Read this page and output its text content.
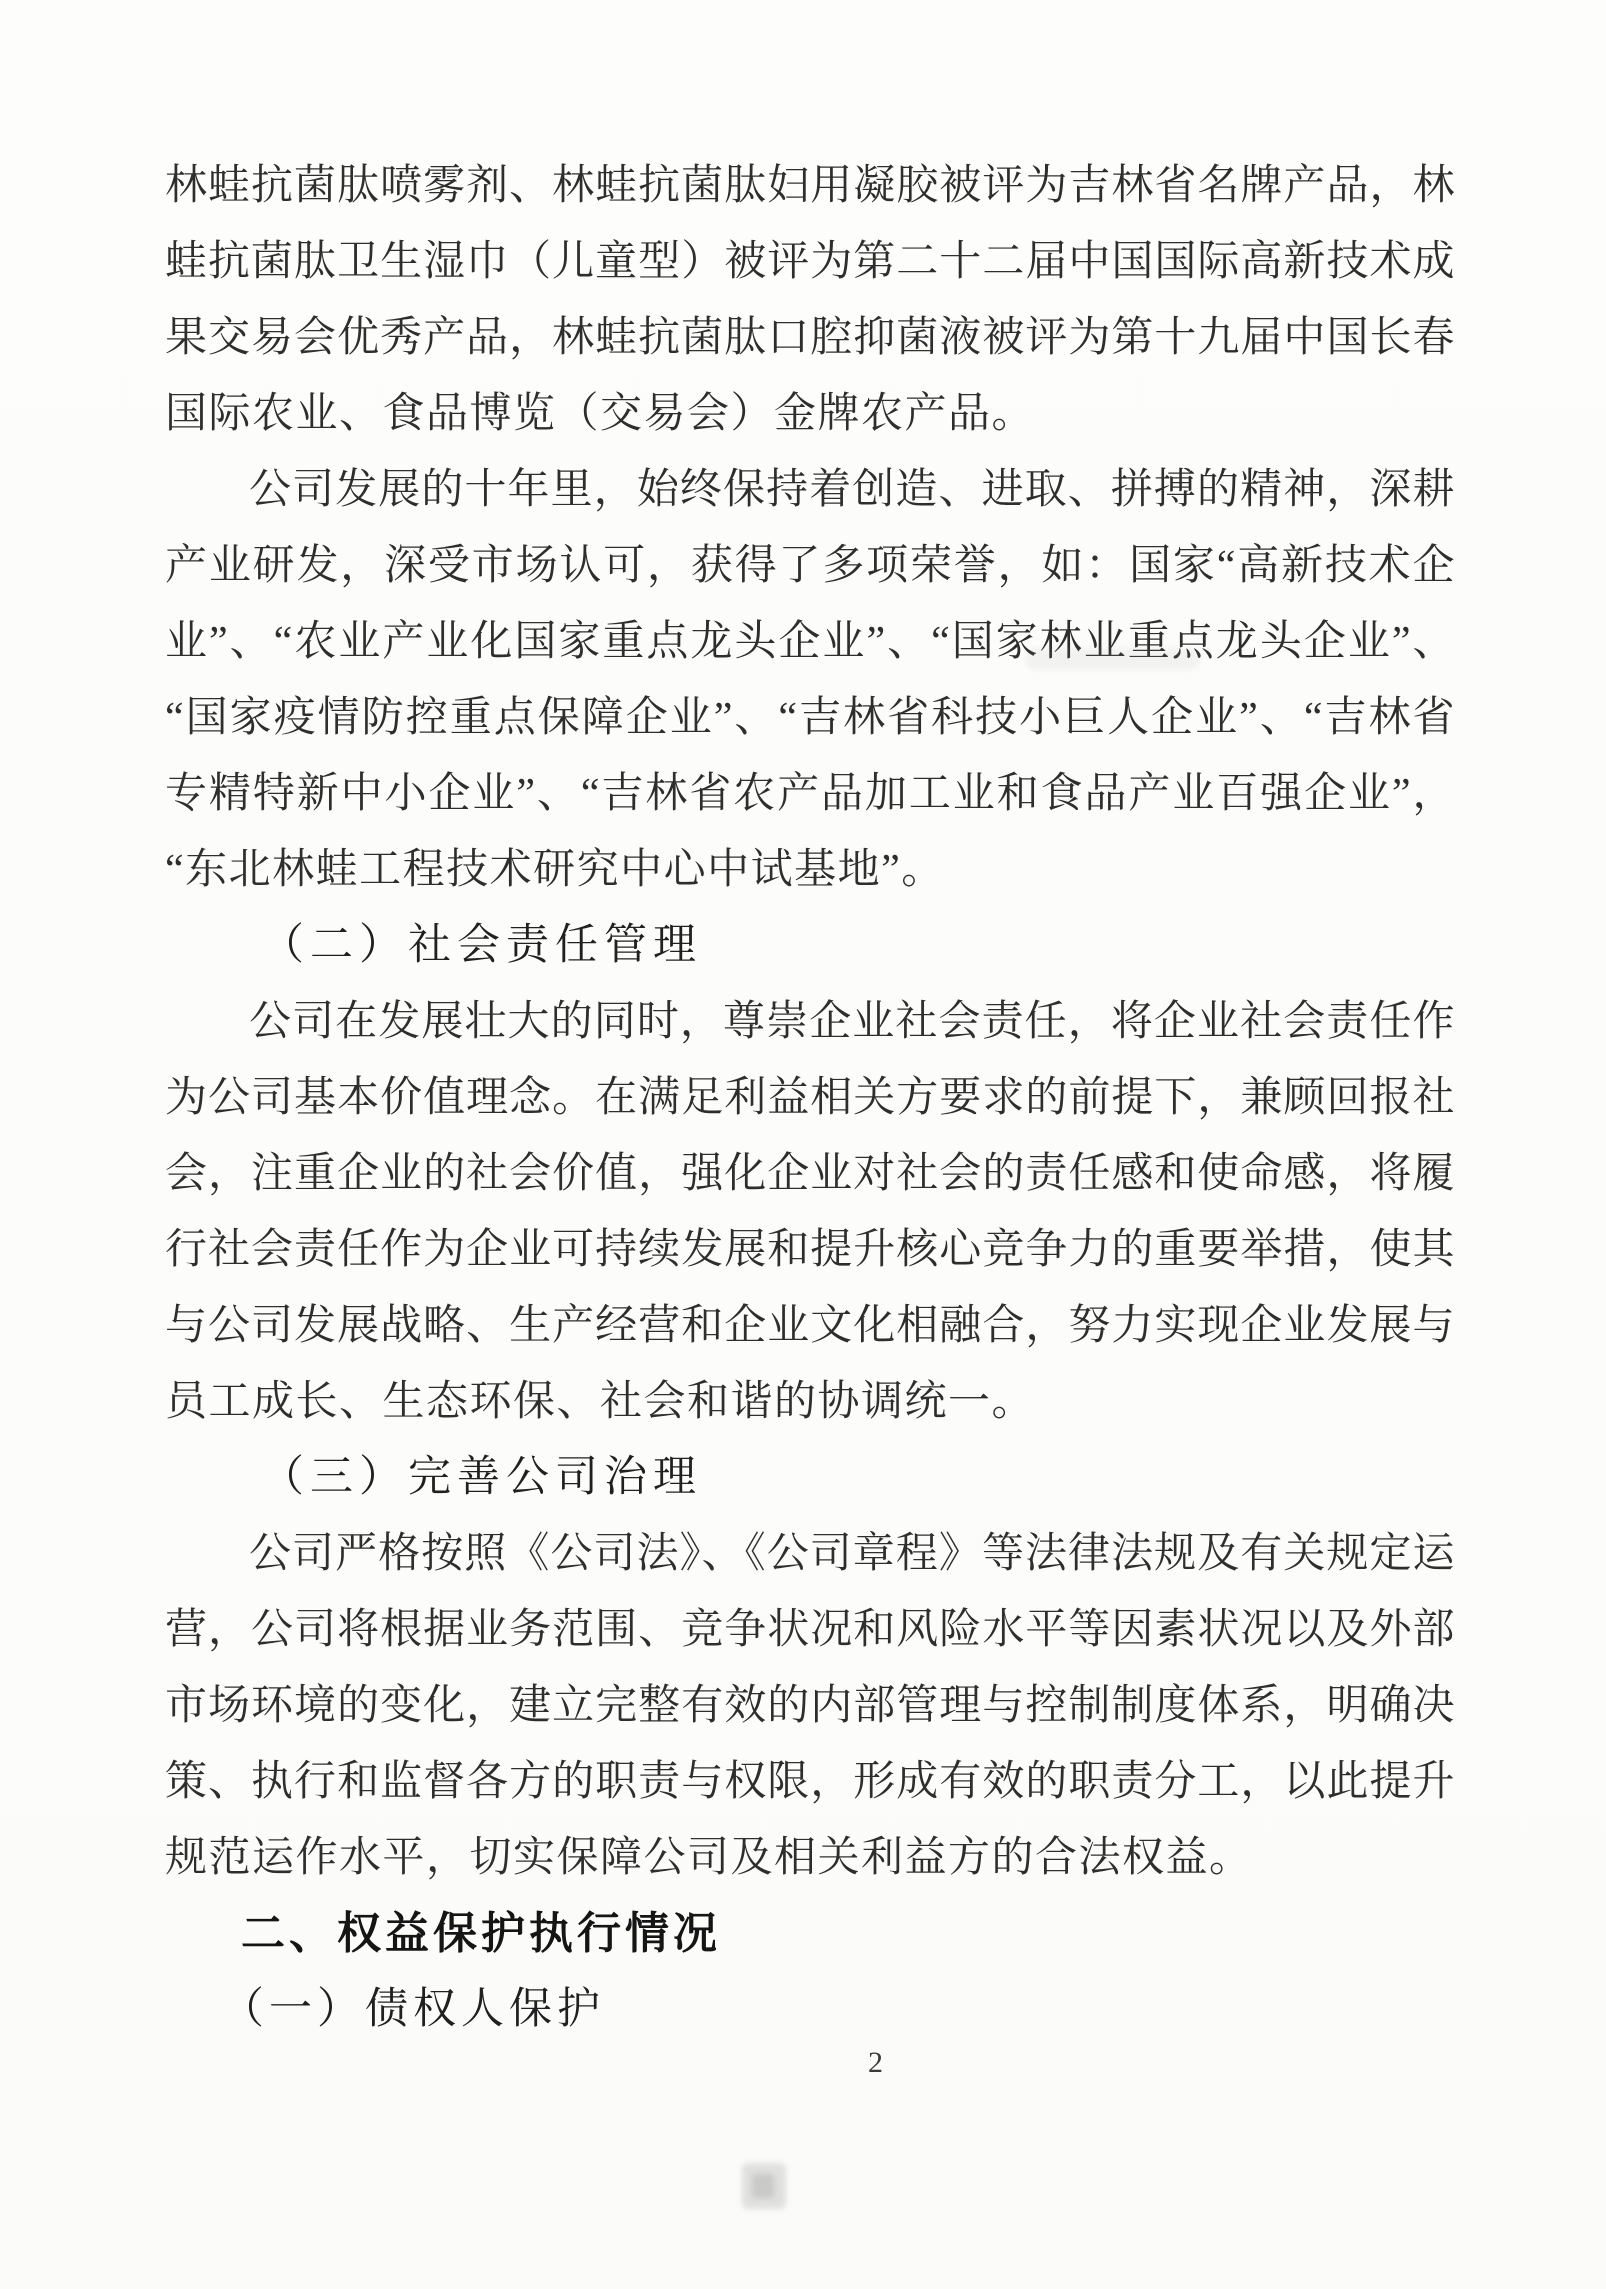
林蛙抗菌肽喷雾剂、林蛙抗菌肽妇用凝胶被评为吉林省名牌产品，林
蛙抗菌肽卫生湿巾（儿童型）被评为第二十二届中国国际高新技术成
果交易会优秀产品，林蛙抗菌肽口腔抑菌液被评为第十九届中国长春
国际农业、食品博览（交易会）金牌农产品。
公司发展的十年里，始终保持着创造、进取、拼搏的精神，深耕
产业研发，深受市场认可，获得了多项荣誉，如：国家“高新技术企
业”、“农业产业化国家重点龙头企业”、“国家林业重点龙头企业”、
“国家疫情防控重点保障企业”、“吉林省科技小巨人企业”、“吉林省
专精特新中小企业”、“吉林省农产品加工业和食品产业百强企业”，
“东北林蛙工程技术研究中心中试基地”。
（二）社会责任管理
公司在发展壮大的同时，尊崇企业社会责任，将企业社会责任作
为公司基本价值理念。在满足利益相关方要求的前提下，兼顾回报社
会，注重企业的社会价值，强化企业对社会的责任感和使命感，将履
行社会责任作为企业可持续发展和提升核心竞争力的重要举措，使其
与公司发展战略、生产经营和企业文化相融合，努力实现企业发展与
员工成长、生态环保、社会和谐的协调统一。
（三）完善公司治理
公司严格按照《公司法》、《公司章程》等法律法规及有关规定运
营，公司将根据业务范围、竞争状况和风险水平等因素状况以及外部
市场环境的变化，建立完整有效的内部管理与控制制度体系，明确决
策、执行和监督各方的职责与权限，形成有效的职责分工，以此提升
规范运作水平，切实保障公司及相关利益方的合法权益。
二、权益保护执行情况
（一）债权人保护
2
